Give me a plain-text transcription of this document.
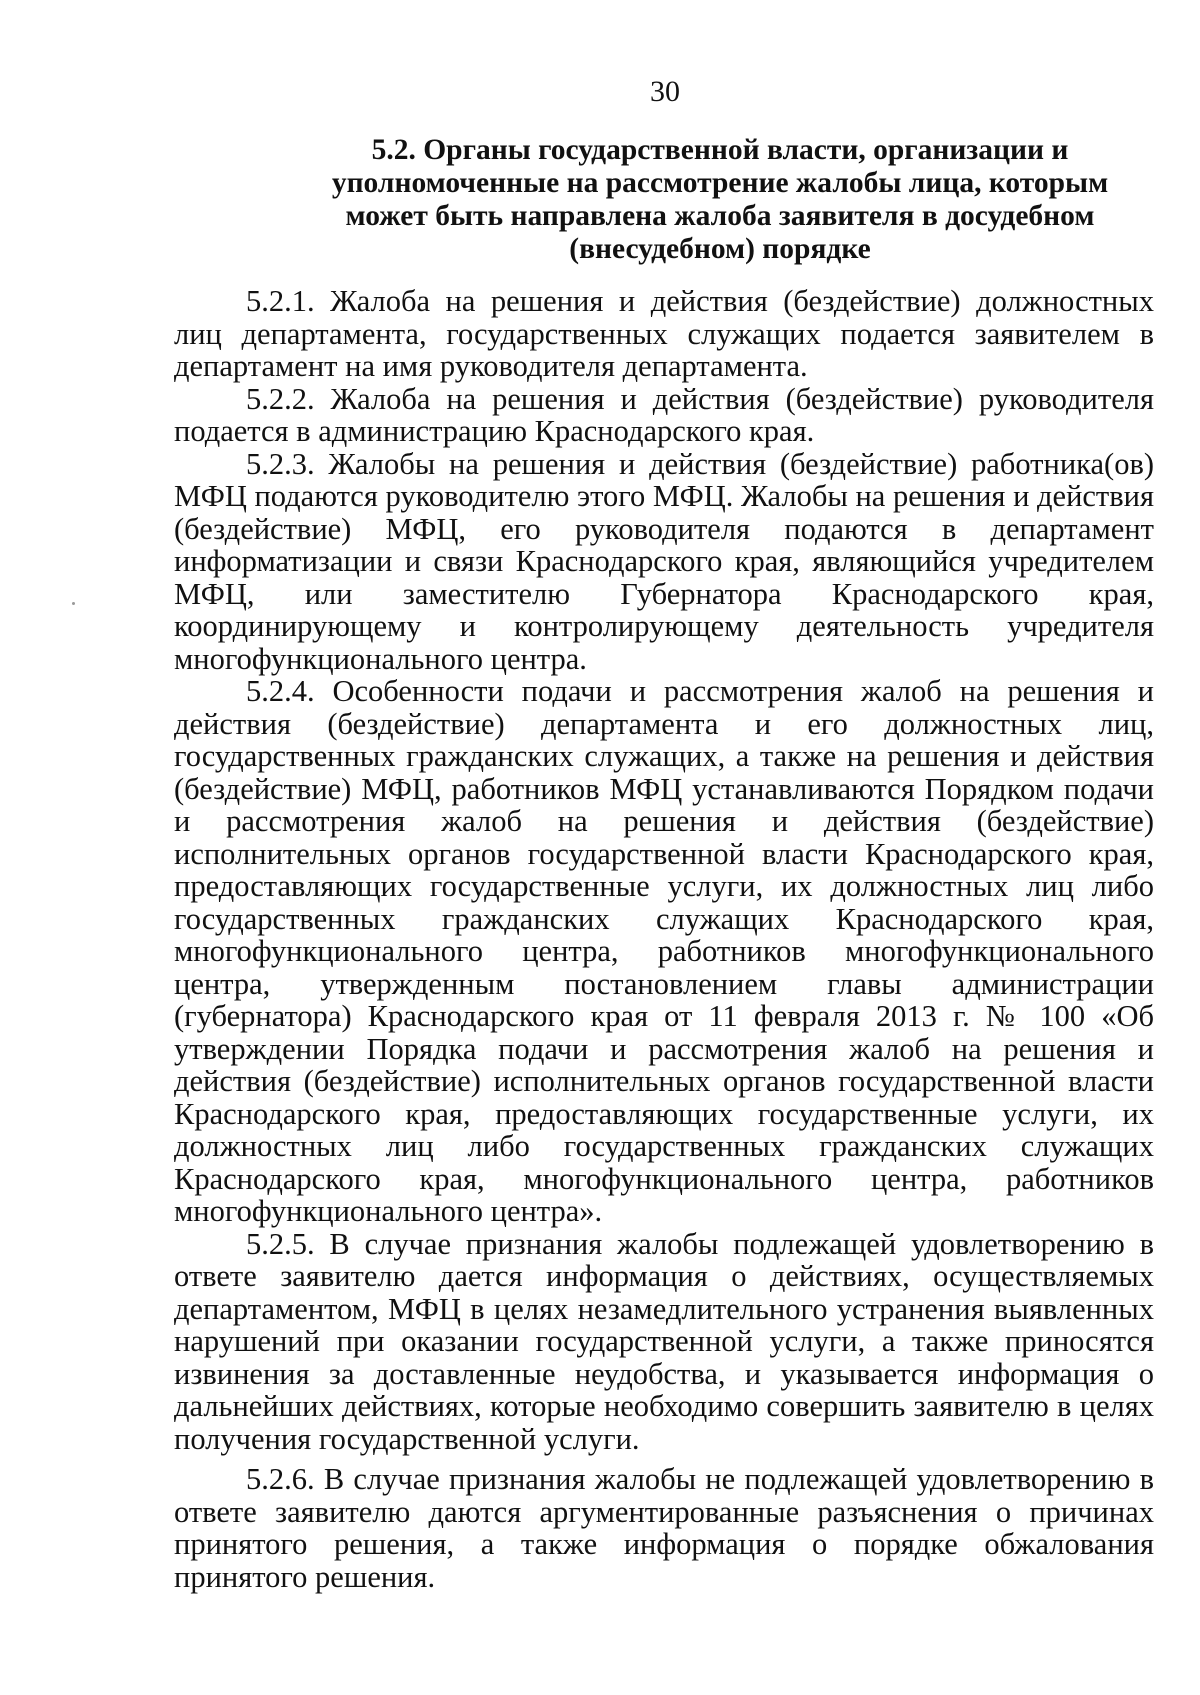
30
5.2. Органы государственной власти, организации и
уполномоченные на рассмотрение жалобы лица, которым
может быть направлена жалоба заявителя в досудебном
(внесудебном) порядке

5.2.1. Жалоба на решения и действия (бездействие) должностных лиц департамента, государственных служащих подается заявителем в департамент на имя руководителя департамента.

5.2.2. Жалоба на решения и действия (бездействие) руководителя подается в администрацию Краснодарского края.

5.2.3. Жалобы на решения и действия (бездействие) работника(ов) МФЦ подаются руководителю этого МФЦ. Жалобы на решения и действия (бездействие) МФЦ, его руководителя подаются в департамент информатизации и связи Краснодарского края, являющийся учредителем МФЦ, или заместителю Губернатора Краснодарского края, координирующему и контролирующему деятельность учредителя многофункционального центра.

5.2.4. Особенности подачи и рассмотрения жалоб на решения и действия (бездействие) департамента и его должностных лиц, государственных гражданских служащих, а также на решения и действия (бездействие) МФЦ, работников МФЦ устанавливаются Порядком подачи и рассмотрения жалоб на решения и действия (бездействие) исполнительных органов государственной власти Краснодарского края, предоставляющих государственные услуги, их должностных лиц либо государственных гражданских служащих Краснодарского края, многофункционального центра, работников многофункционального центра, утвержденным постановлением главы администрации (губернатора) Краснодарского края от 11 февраля 2013 г. № 100 «Об утверждении Порядка подачи и рассмотрения жалоб на решения и действия (бездействие) исполнительных органов государственной власти Краснодарского края, предоставляющих государственные услуги, их должностных лиц либо государственных гражданских служащих Краснодарского края, многофункционального центра, работников многофункционального центра».

5.2.5. В случае признания жалобы подлежащей удовлетворению в ответе заявителю дается информация о действиях, осуществляемых департаментом, МФЦ в целях незамедлительного устранения выявленных нарушений при оказании государственной услуги, а также приносятся извинения за доставленные неудобства, и указывается информация о дальнейших действиях, которые необходимо совершить заявителю в целях получения государственной услуги.

5.2.6. В случае признания жалобы не подлежащей удовлетворению в ответе заявителю даются аргументированные разъяснения о причинах принятого решения, а также информация о порядке обжалования принятого решения.
